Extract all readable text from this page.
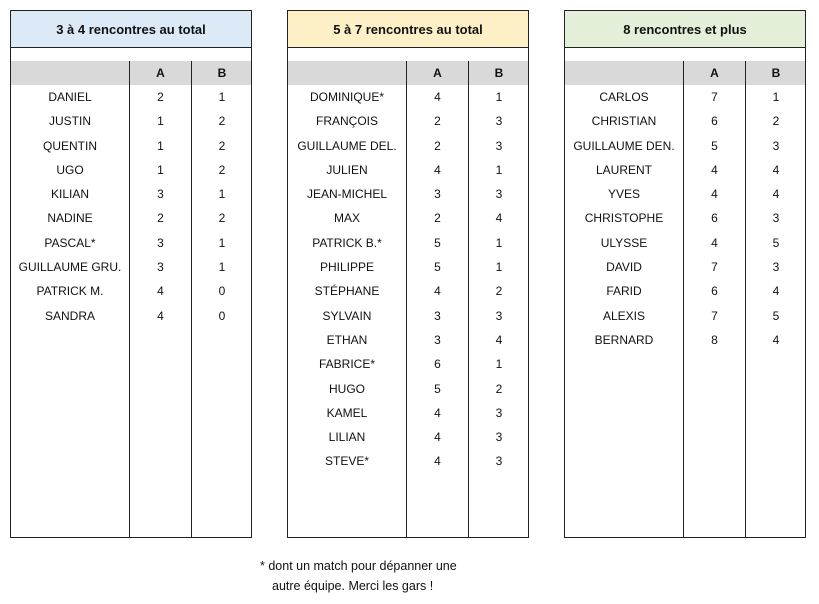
3 à 4 rencontres au total
A	B
DANIEL	2	1
JUSTIN	1	2
QUENTIN	1	2
UGO	1	2
KILIAN	3	1
NADINE	2	2
PASCAL*	3	1
GUILLAUME GRU.	3	1
PATRICK M.	4	0
SANDRA	4	0
5 à 7 rencontres au total
A	B
DOMINIQUE*	4	1
FRANÇOIS	2	3
GUILLAUME DEL.	2	3
JULIEN	4	1
JEAN-MICHEL	3	3
MAX	2	4
PATRICK B.*	5	1
PHILIPPE	5	1
STÉPHANE	4	2
SYLVAIN	3	3
ETHAN	3	4
FABRICE*	6	1
HUGO	5	2
KAMEL	4	3
LILIAN	4	3
STEVE*	4	3
8 rencontres et plus
A	B
CARLOS	7	1
CHRISTIAN	6	2
GUILLAUME DEN.	5	3
LAURENT	4	4
YVES	4	4
CHRISTOPHE	6	3
ULYSSE	4	5
DAVID	7	3
FARID	6	4
ALEXIS	7	5
BERNARD	8	4
* dont un match pour dépanner une
autre équipe. Merci les gars !
